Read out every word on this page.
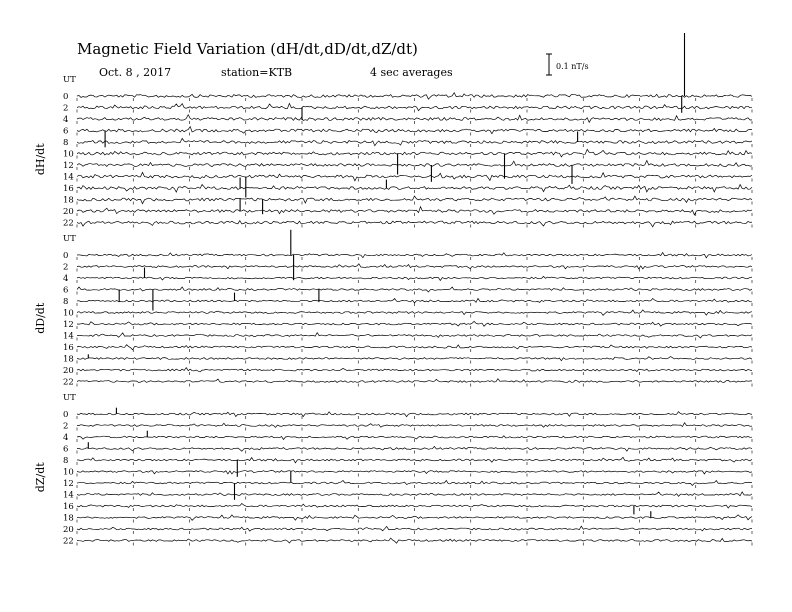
Magnetic Field Variation (dH/dt,dD/dt,dZ/dt)
Oct. 8 , 2017	station=KTB	4 sec averages	0.1 nT/s
UT
dH/dt
0
2
4
6
8
10
12
14
16
18
20
22
UT
dD/dt
0
2
4
6
8
10
12
14
16
18
20
22
UT
dZ/dt
0
2
4
6
8
10
12
14
16
18
20
22
